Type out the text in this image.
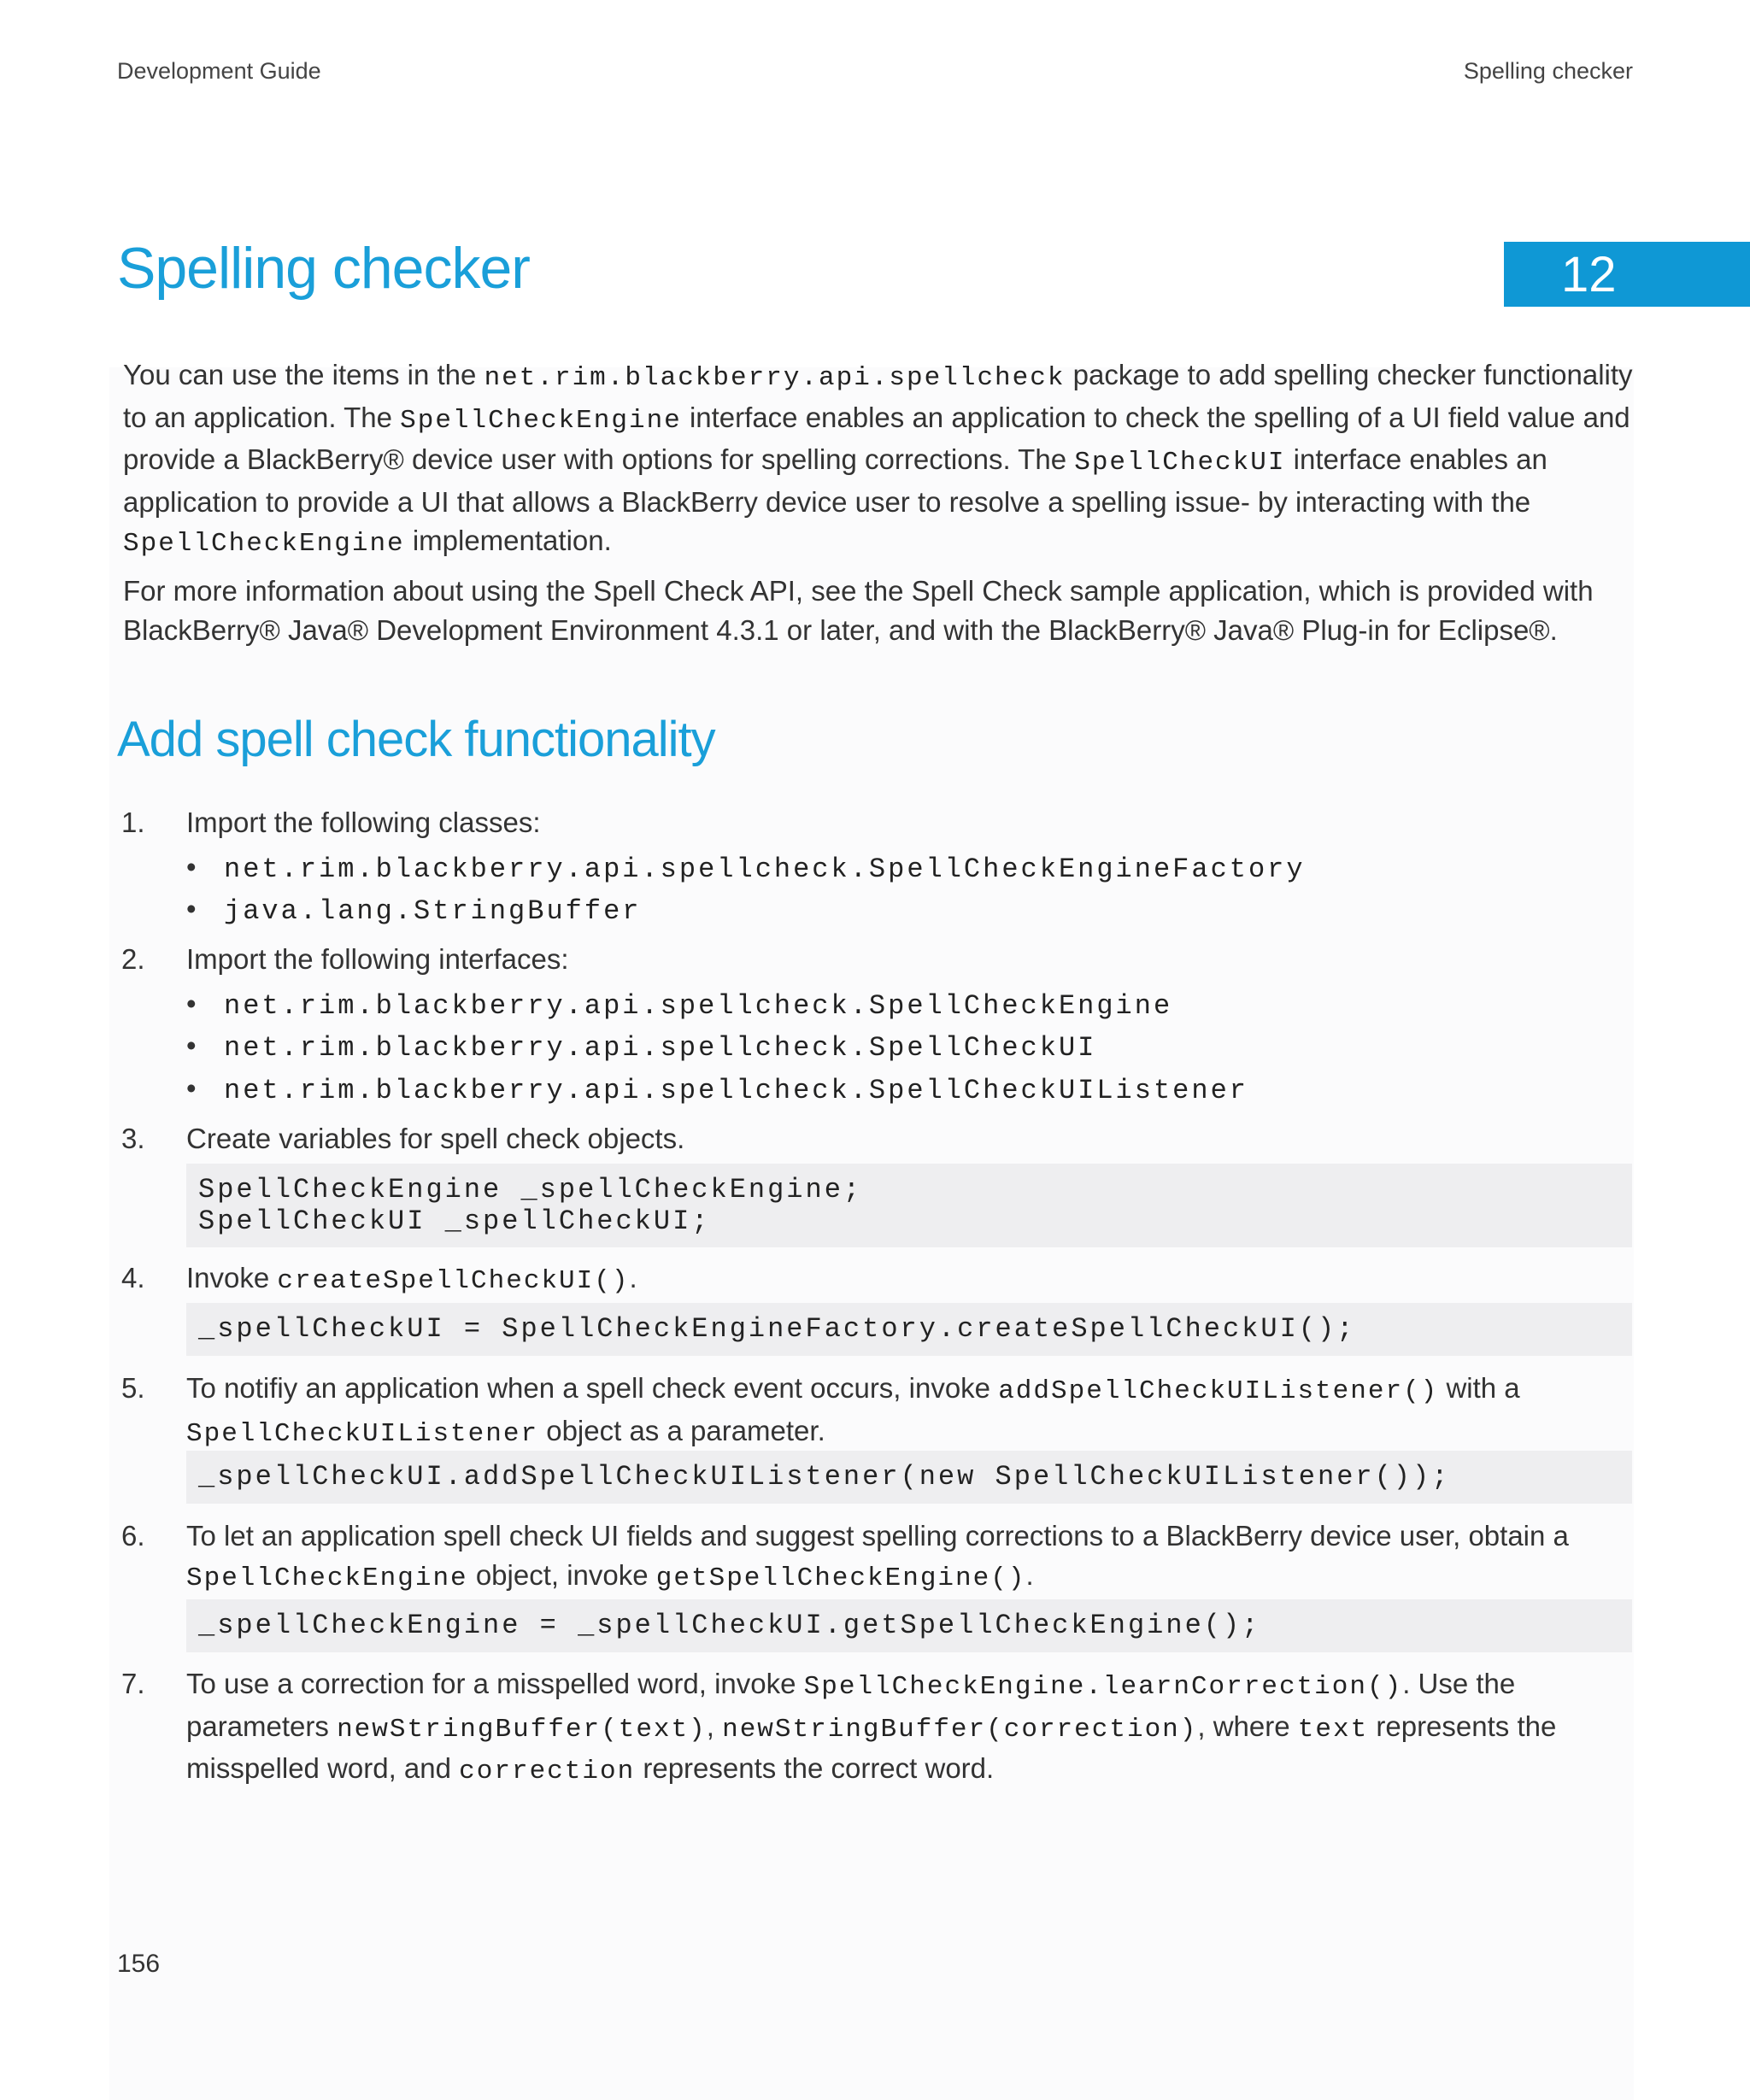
Development Guide	Spelling checker
Spelling checker	12

You can use the items in the net.rim.blackberry.api.spellcheck package to add spelling checker functionality to an application. The SpellCheckEngine interface enables an application to check the spelling of a UI field value and provide a BlackBerry® device user with options for spelling corrections. The SpellCheckUI interface enables an application to provide a UI that allows a BlackBerry device user to resolve a spelling issue- by interacting with the SpellCheckEngine implementation.

For more information about using the Spell Check API, see the Spell Check sample application, which is provided with BlackBerry® Java® Development Environment 4.3.1 or later, and with the BlackBerry® Java® Plug-in for Eclipse®.

Add spell check functionality
1. Import the following classes:
• net.rim.blackberry.api.spellcheck.SpellCheckEngineFactory
• java.lang.StringBuffer
2. Import the following interfaces:
• net.rim.blackberry.api.spellcheck.SpellCheckEngine
• net.rim.blackberry.api.spellcheck.SpellCheckUI
• net.rim.blackberry.api.spellcheck.SpellCheckUIListener
3. Create variables for spell check objects.
SpellCheckEngine _spellCheckEngine;
SpellCheckUI _spellCheckUI;
4. Invoke createSpellCheckUI().
_spellCheckUI = SpellCheckEngineFactory.createSpellCheckUI();
5. To notifiy an application when a spell check event occurs, invoke addSpellCheckUIListener() with a SpellCheckUIListener object as a parameter.
_spellCheckUI.addSpellCheckUIListener(new SpellCheckUIListener());
6. To let an application spell check UI fields and suggest spelling corrections to a BlackBerry device user, obtain a SpellCheckEngine object, invoke getSpellCheckEngine().
_spellCheckEngine = _spellCheckUI.getSpellCheckEngine();
7. To use a correction for a misspelled word, invoke SpellCheckEngine.learnCorrection(). Use the parameters newStringBuffer(text), newStringBuffer(correction), where text represents the misspelled word, and correction represents the correct word.
156
